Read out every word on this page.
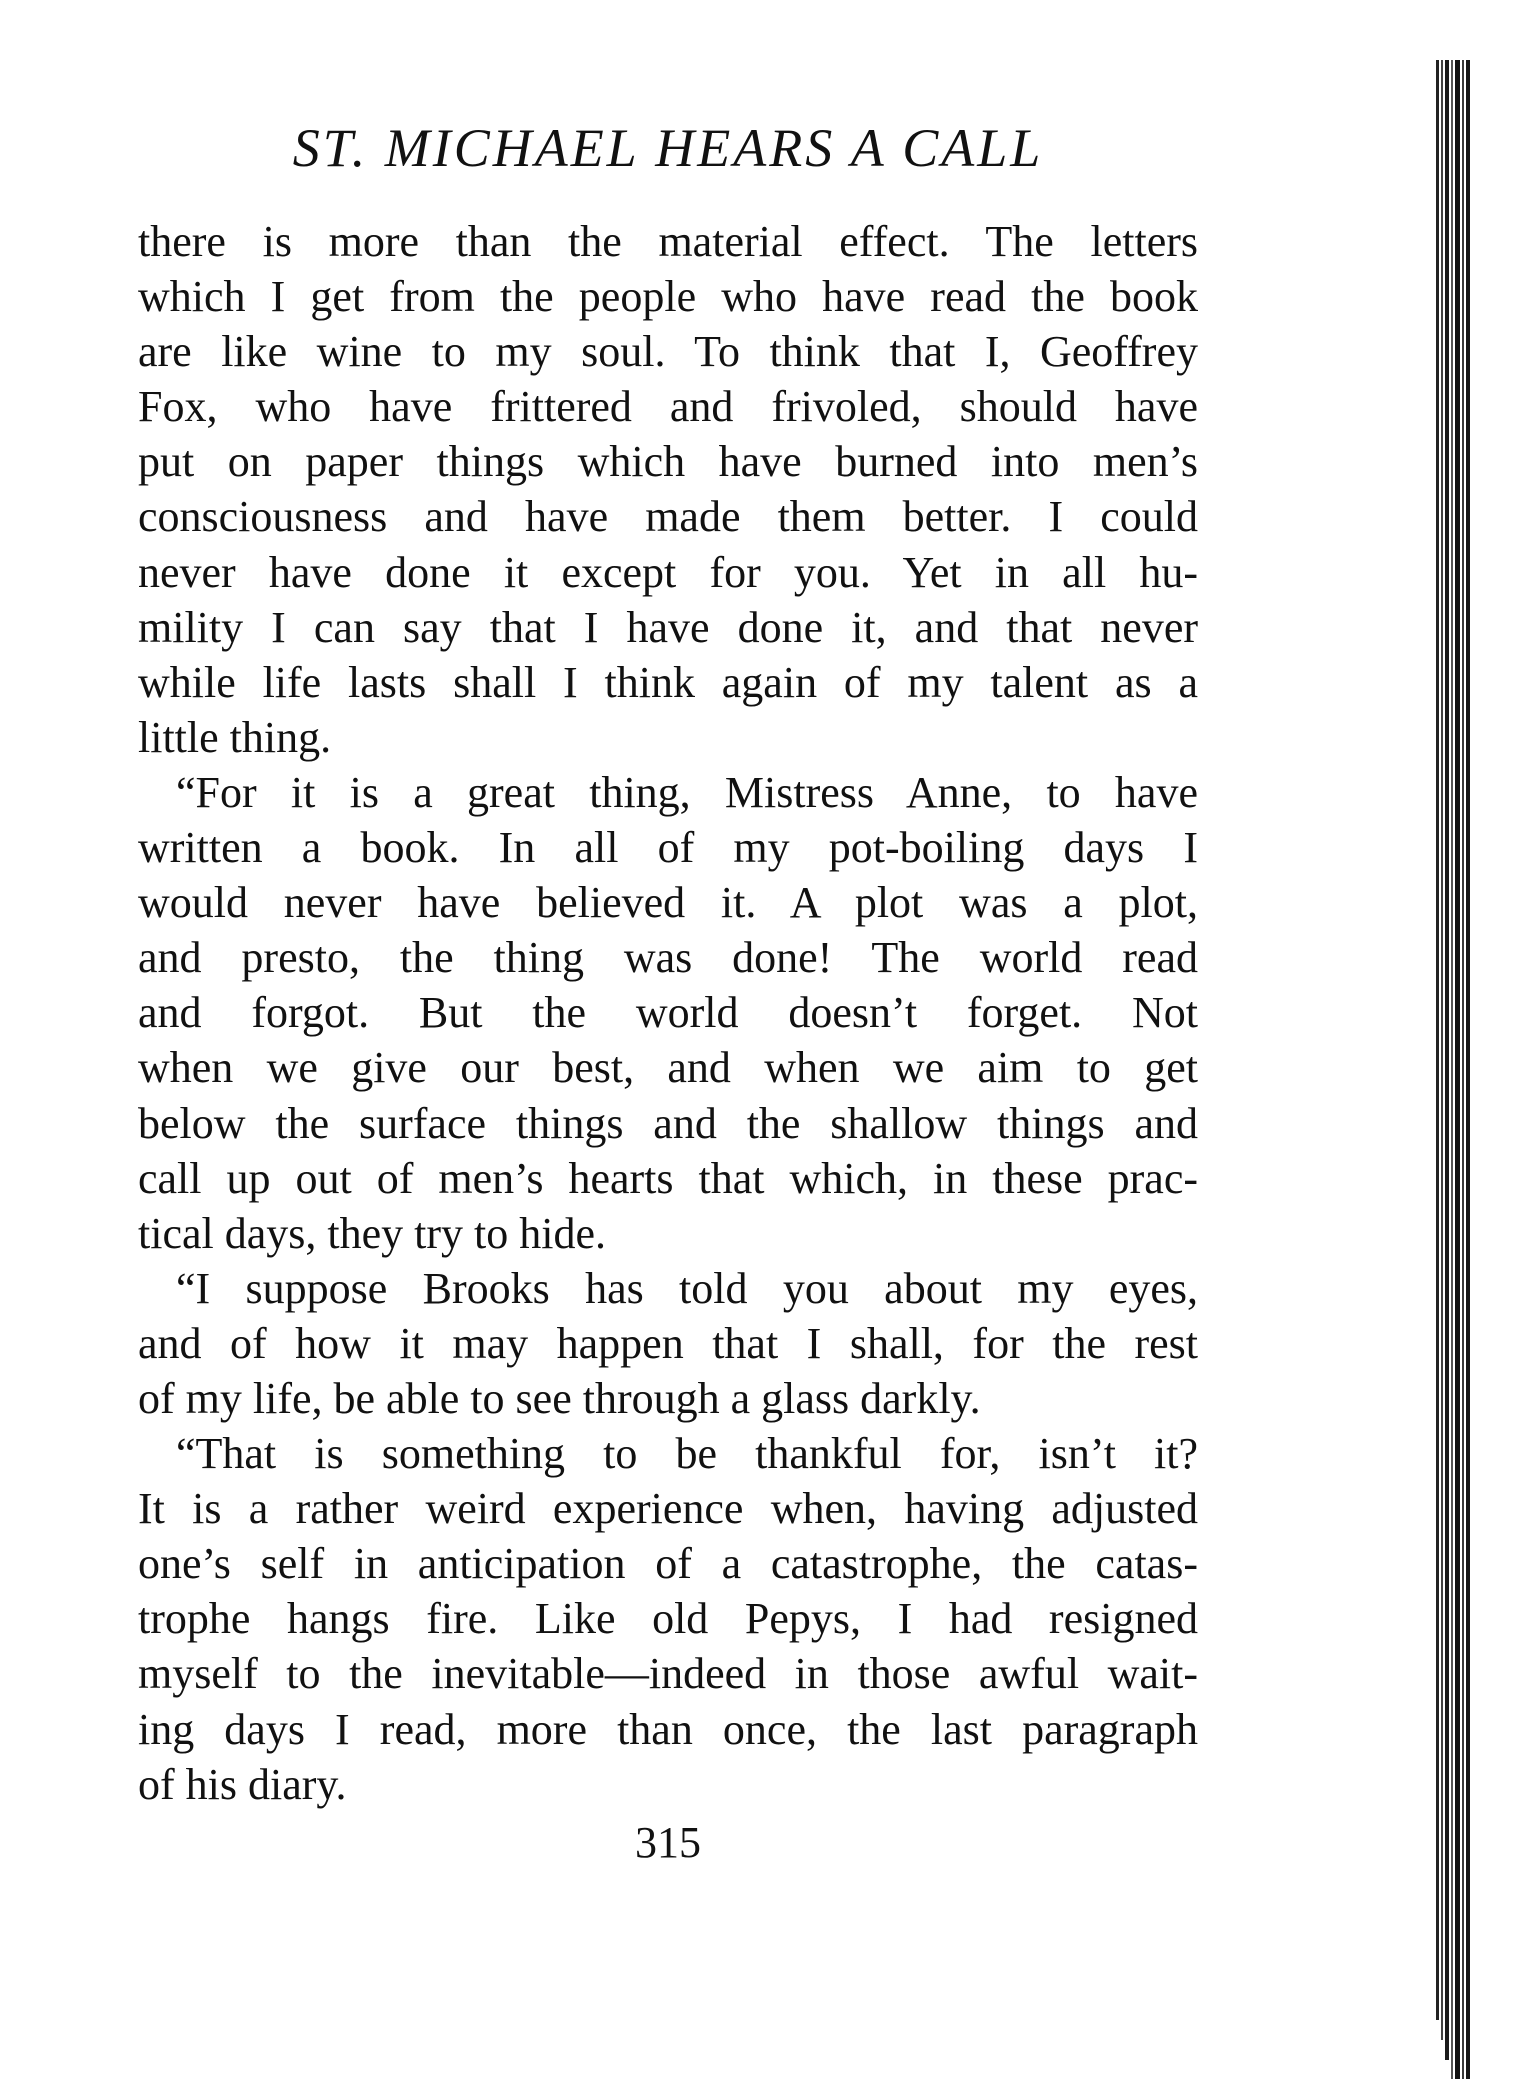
ST. MICHAEL HEARS A CALL

there is more than the material effect. The letters
which I get from the people who have read the book
are like wine to my soul. To think that I, Geoffrey
Fox, who have frittered and frivoled, should have
put on paper things which have burned into men’s
consciousness and have made them better. I could
never have done it except for you. Yet in all hu-
mility I can say that I have done it, and that never
while life lasts shall I think again of my talent as a
little thing.

“For it is a great thing, Mistress Anne, to have
written a book. In all of my pot-boiling days I
would never have believed it. A plot was a plot,
and presto, the thing was done! The world read
and forgot. But the world doesn’t forget. Not
when we give our best, and when we aim to get
below the surface things and the shallow things and
call up out of men’s hearts that which, in these prac-
tical days, they try to hide.

“I suppose Brooks has told you about my eyes,
and of how it may happen that I shall, for the rest
of my life, be able to see through a glass darkly.

“That is something to be thankful for, isn’t it?
It is a rather weird experience when, having adjusted
one’s self in anticipation of a catastrophe, the catas-
trophe hangs fire. Like old Pepys, I had resigned
myself to the inevitable—indeed in those awful wait-
ing days I read, more than once, the last paragraph
of his diary.

315
